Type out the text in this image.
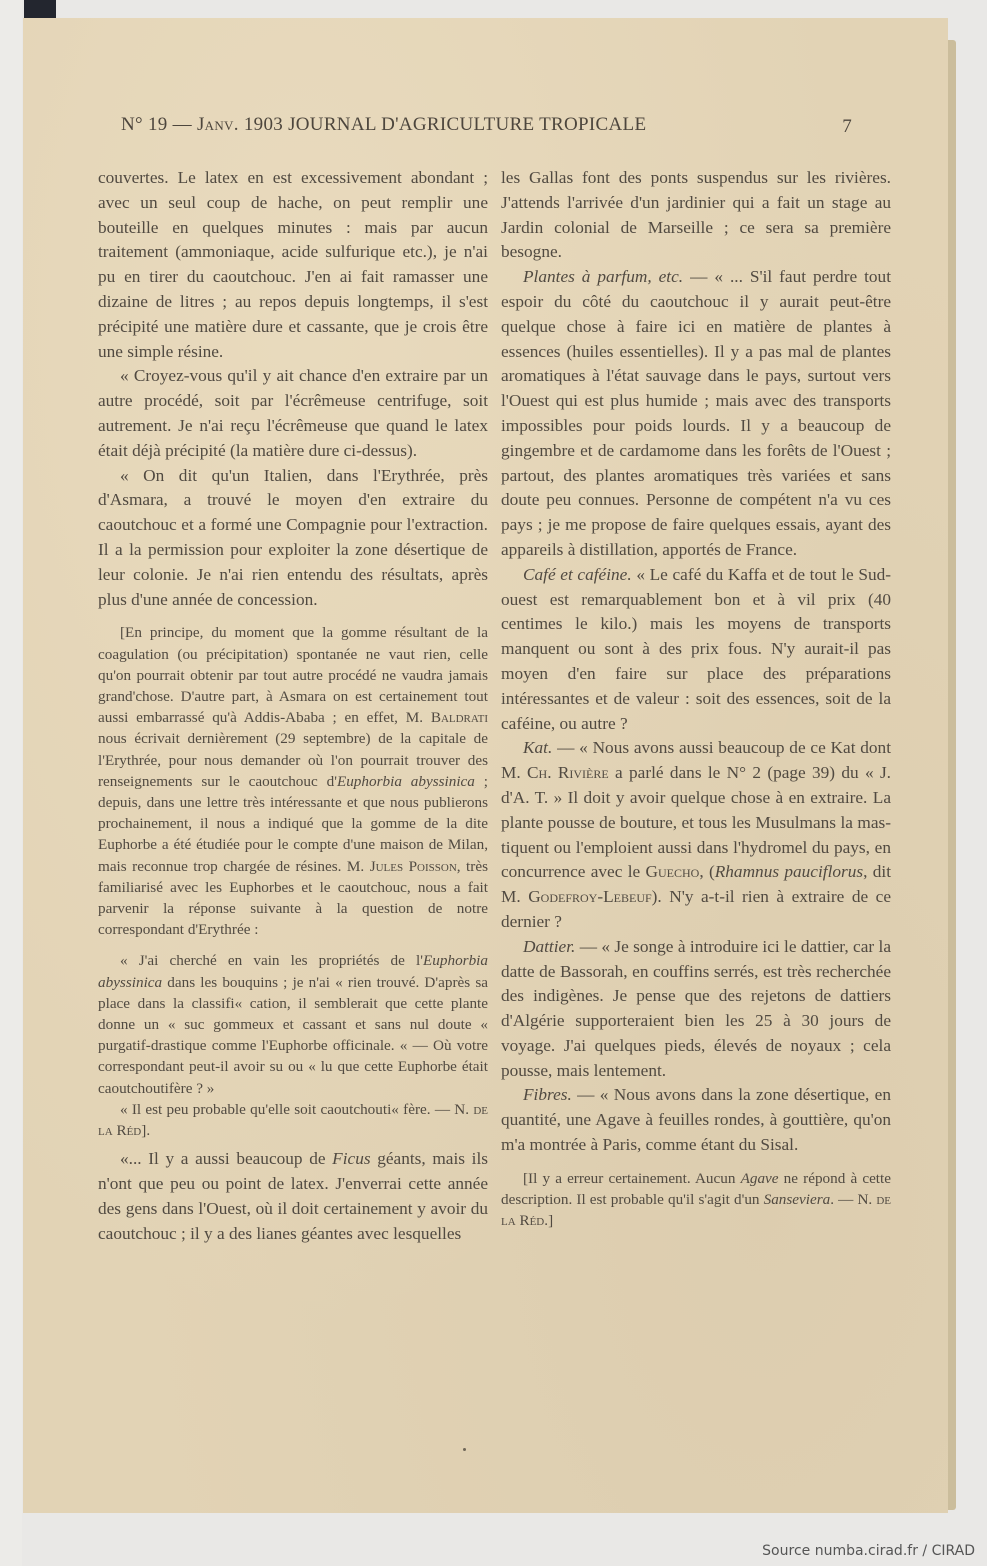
N° 19 — Janv. 1903 JOURNAL D'AGRICULTURE TROPICALE	7

couvertes. Le latex en est excessivement abondant ; avec un seul coup de hache, on peut remplir une bouteille en quelques minutes : mais par aucun traitement (ammoniaque, acide sulfurique etc.), je n'ai pu en tirer du caoutchouc. J'en ai fait ramasser une dizaine de litres ; au repos depuis longtemps, il s'est précipité une matière dure et cassante, que je crois être une simple résine.

« Croyez-vous qu'il y ait chance d'en extraire par un autre procédé, soit par l'écrêmeuse centrifuge, soit autrement. Je n'ai reçu l'écrêmeuse que quand le latex était déjà précipité (la matière dure ci-dessus).

« On dit qu'un Italien, dans l'Erythrée, près d'Asmara, a trouvé le moyen d'en extraire du caoutchouc et a formé une Compagnie pour l'extraction. Il a la permission pour exploiter la zone désertique de leur colonie. Je n'ai rien entendu des résultats, après plus d'une année de concession.

[En principe, du moment que la gomme résultant de la coagulation (ou précipitation) spontanée ne vaut rien, celle qu'on pourrait obtenir par tout autre procédé ne vaudra jamais grand'chose. D'autre part, à Asmara on est certainement tout aussi embarrassé qu'à Addis-Ababa ; en effet, M. Baldrati nous écrivait dernièrement (29 septembre) de la capitale de l'Erythrée, pour nous demander où l'on pourrait trouver des renseignements sur le caoutchouc d'Euphorbia abyssinica ; depuis, dans une lettre très intéressante et que nous publierons prochainement, il nous a indiqué que la gomme de la dite Euphorbe a été étudiée pour le compte d'une maison de Milan, mais reconnue trop chargée de résines. M. Jules Poisson, très familiarisé avec les Euphorbes et le caoutchouc, nous a fait parvenir la réponse suivante à la question de notre correspondant d'Erythrée :

« J'ai cherché en vain les propriétés de l'Euphorbia abyssinica dans les bouquins ; je n'ai « rien trouvé. D'après sa place dans la classifi« cation, il semblerait que cette plante donne un « suc gommeux et cassant et sans nul doute « purgatif-drastique comme l'Euphorbe officinale. « — Où votre correspondant peut-il avoir su ou « lu que cette Euphorbe était caoutchoutifère ? »

« Il est peu probable qu'elle soit caoutchouti« fère. — N. de la Réd].

«... Il y a aussi beaucoup de Ficus géants, mais ils n'ont que peu ou point de latex. J'enverrai cette année des gens dans l'Ouest, où il doit certainement y avoir du caoutchouc ; il y a des lianes géantes avec lesquelles

les Gallas font des ponts suspendus sur les rivières. J'attends l'arrivée d'un jardinier qui a fait un stage au Jardin colonial de Marseille ; ce sera sa première besogne.

Plantes à parfum, etc. — « ... S'il faut perdre tout espoir du côté du caoutchouc il y aurait peut-être quelque chose à faire ici en matière de plantes à essences (huiles essentielles). Il y a pas mal de plantes aromatiques à l'état sauvage dans le pays, surtout vers l'Ouest qui est plus humide ; mais avec des transports impossibles pour poids lourds. Il y a beaucoup de gingembre et de cardamome dans les forêts de l'Ouest ; partout, des plantes aromatiques très variées et sans doute peu connues. Personne de compétent n'a vu ces pays ; je me propose de faire quelques essais, ayant des appareils à distillation, apportés de France.

Café et caféine. « Le café du Kaffa et de tout le Sud-ouest est remarquablement bon et à vil prix (40 centimes le kilo.) mais les moyens de transports manquent ou sont à des prix fous. N'y aurait-il pas moyen d'en faire sur place des préparations intéressantes et de valeur : soit des essences, soit de la caféine, ou autre ?

Kat. — « Nous avons aussi beaucoup de ce Kat dont M. Ch. Rivière a parlé dans le N° 2 (page 39) du « J. d'A. T. » Il doit y avoir quelque chose à en extraire. La plante pousse de bouture, et tous les Musulmans la mastiquent ou l'emploient aussi dans l'hydromel du pays, en concurrence avec le Guecho, (Rhamnus pauciflorus, dit M. Godefroy-Lebeuf). N'y a-t-il rien à extraire de ce dernier ?

Dattier. — « Je songe à introduire ici le dattier, car la datte de Bassorah, en couffins serrés, est très recherchée des indigènes. Je pense que des rejetons de dattiers d'Algérie supporteraient bien les 25 à 30 jours de voyage. J'ai quelques pieds, élevés de noyaux ; cela pousse, mais lentement.

Fibres. — « Nous avons dans la zone désertique, en quantité, une Agave à feuilles rondes, à gouttière, qu'on m'a montrée à Paris, comme étant du Sisal.

[Il y a erreur certainement. Aucun Agave ne répond à cette description. Il est probable qu'il s'agit d'un Sanseviera. — N. de la Réd.]

Source numba.cirad.fr / CIRAD
